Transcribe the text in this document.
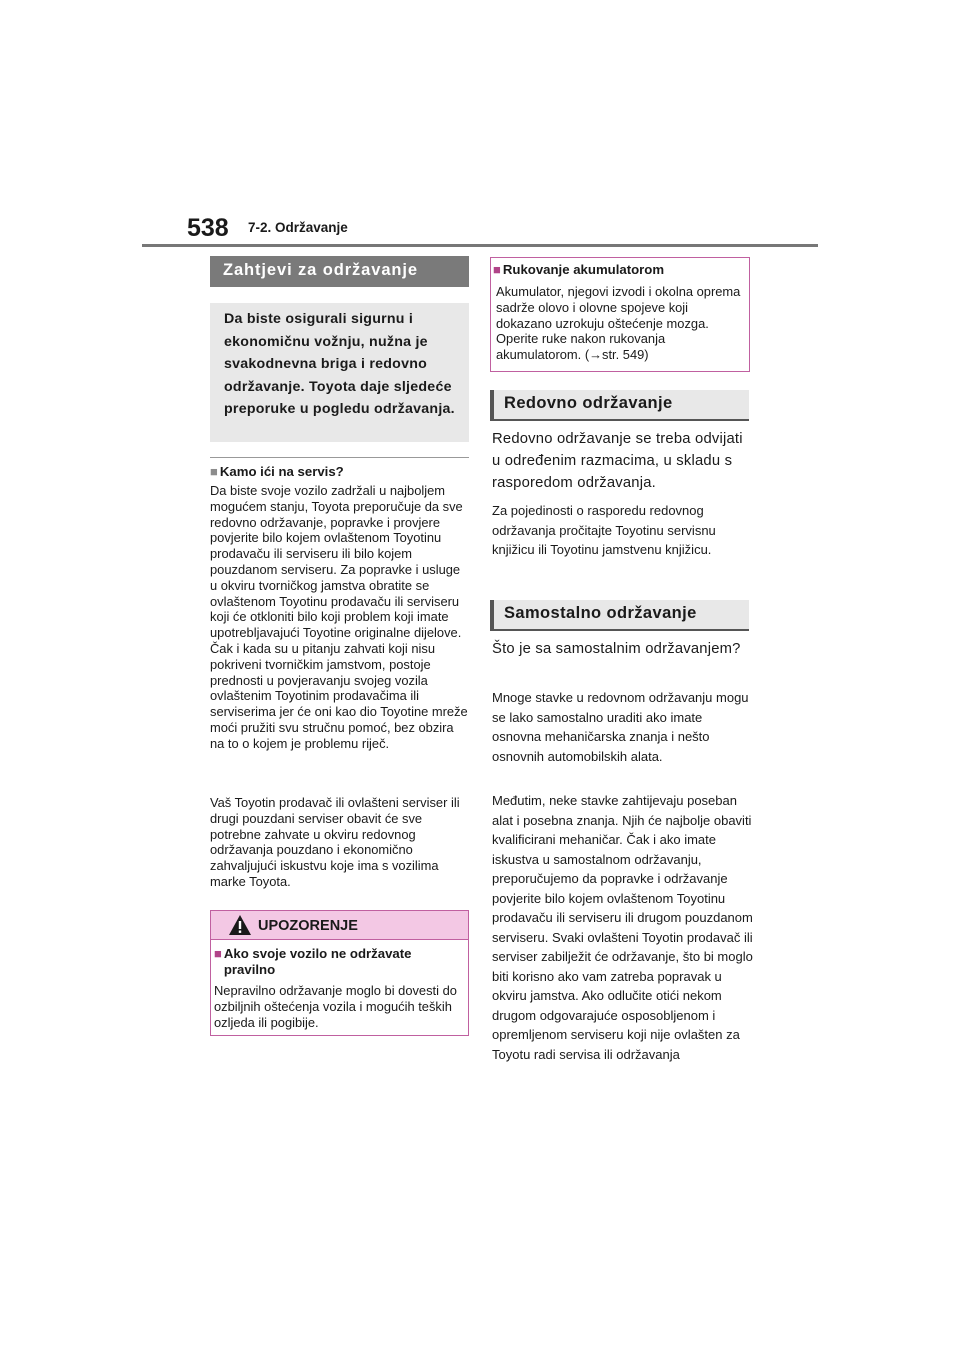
538 7-2. Održavanje
Zahtjevi za održavanje
Da biste osigurali sigurnu i ekonomičnu vožnju, nužna je svakodnevna briga i redovno održavanje. Toyota daje sljedeće preporuke u pogledu održavanja.
■ Kamo ići na servis?
Da biste svoje vozilo zadržali u najboljem mogućem stanju, Toyota preporučuje da sve redovno održavanje, popravke i provjere povjerite bilo kojem ovlaštenom Toyotinu prodavaču ili serviseru ili bilo kojem pouzdanom serviseru. Za popravke i usluge u okviru tvorničkog jamstva obratite se ovlaštenom Toyotinu prodavaču ili serviseru koji će otkloniti bilo koji problem koji imate upotrebljavajući Toyotine originalne dijelove. Čak i kada su u pitanju zahvati koji nisu pokriveni tvorničkim jamstvom, postoje prednosti u povjeravanju svojeg vozila ovlaštenim Toyotinim prodavačima ili serviserima jer će oni kao dio Toyotine mreže moći pružiti svu stručnu pomoć, bez obzira na to o kojem je problemu riječ.
Vaš Toyotin prodavač ili ovlašteni serviser ili drugi pouzdani serviser obavit će sve potrebne zahvate u okviru redovnog održavanja pouzdano i ekonomično zahvaljujući iskustvu koje ima s vozilima marke Toyota.
UPOZORENJE
■ Ako svoje vozilo ne održavate pravilno
Nepravilno održavanje moglo bi dovesti do ozbiljnih oštećenja vozila i mogućih teških ozljeda ili pogibije.
■ Rukovanje akumulatorom
Akumulator, njegovi izvodi i okolna oprema sadrže olovo i olovne spojeve koji dokazano uzrokuju oštećenje mozga. Operite ruke nakon rukovanja akumulatorom. (→str. 549)
Redovno održavanje
Redovno održavanje se treba odvijati u određenim razmacima, u skladu s rasporedom održavanja.
Za pojedinosti o rasporedu redovnog održavanja pročitajte Toyotinu servisnu knjižicu ili Toyotinu jamstvenu knjižicu.
Samostalno održavanje
Što je sa samostalnim održavanjem?
Mnoge stavke u redovnom održavanju mogu se lako samostalno uraditi ako imate osnovna mehaničarska znanja i nešto osnovnih automobilskih alata.
Međutim, neke stavke zahtijevaju poseban alat i posebna znanja. Njih će najbolje obaviti kvalificirani mehaničar. Čak i ako imate iskustva u samostalnom održavanju, preporučujemo da popravke i održavanje povjerite bilo kojem ovlaštenom Toyotinu prodavaču ili serviseru ili drugom pouzdanom serviseru. Svaki ovlašteni Toyotin prodavač ili serviser zabilježit će održavanje, što bi moglo biti korisno ako vam zatreba popravak u okviru jamstva. Ako odlučite otići nekom drugom odgovarajuće osposobljenom i opremljenom serviseru koji nije ovlašten za Toyotu radi servisa ili održavanja
